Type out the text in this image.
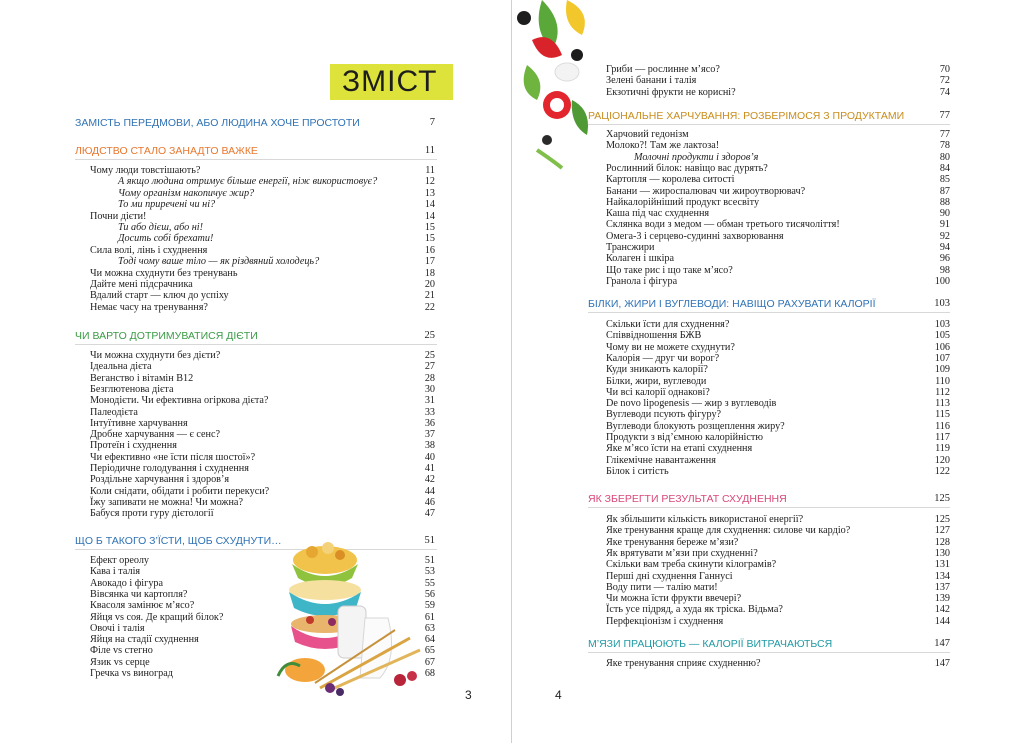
ЗМІСТ
ЗАМІСТЬ ПЕРЕДМОВИ, АБО ЛЮДИНА ХОЧЕ ПРОСТОТИ	7
ЛЮДСТВО СТАЛО ЗАНАДТО ВАЖКЕ	11
Чому люди товстішають?	11
А якщо людина отримує більше енергії, ніж використовує?	12
Чому організм накопичує жир?	13
То ми приречені чи ні?	14
Почни дієти!	14
Ти або дієш, або ні!	15
Досить собі брехати!	15
Сила волі, лінь і схуднення	16
Тоді чому ваше тіло — як різдвяний холодець?	17
Чи можна схуднути без тренувань	18
Дайте мені підсрачника	20
Вдалий старт — ключ до успіху	21
Немає часу на тренування?	22
ЧИ ВАРТО ДОТРИМУВАТИСЯ ДІЄТИ	25
Чи можна схуднути без дієти?	25
Ідеальна дієта	27
Веганство і вітамін B12	28
Безглютенова дієта	30
Монодієти. Чи ефективна огіркова дієта?	31
Палеодієта	33
Інтуїтивне харчування	36
Дробне харчування — є сенс?	37
Протеїн і схуднення	38
Чи ефективно «не їсти після шостої»?	40
Періодичне голодування і схуднення	41
Роздільне харчування і здоров’я	42
Коли снідати, обідати і робити перекуси?	44
Їжу запивати не можна! Чи можна?	46
Бабуся проти гуру дієтології	47
ЩО Б ТАКОГО З’ЇСТИ, ЩОБ СХУДНУТИ…	51
Ефект ореолу	51
Кава і талія	53
Авокадо і фігура	55
Вівсянка чи картопля?	56
Квасоля замінює м’ясо?	59
Яйця vs соя. Де кращий білок?	61
Овочі і талія	63
Яйця на стадії схуднення	64
Філе vs стегно	65
Язик vs серце	67
Гречка vs виноград	68
3
Гриби — рослинне м’ясо?	70
Зелені банани і талія	72
Екзотичні фрукти не корисні?	74
РАЦІОНАЛЬНЕ ХАРЧУВАННЯ: РОЗБЕРІМОСЯ З ПРОДУКТАМИ	77
Харчовий гедонізм	77
Молоко?! Там же лактоза!	78
Молочні продукти і здоров’я	80
Рослинний білок: навіщо вас дурять?	84
Картопля — королева ситості	85
Банани — жироспалювач чи жироутворювач?	87
Найкалорійніший продукт всесвіту	88
Каша під час схуднення	90
Склянка води з медом — обман третього тисячоліття!	91
Омега-3 і серцево-судинні захворювання	92
Трансжири	94
Колаген і шкіра	96
Що таке рис і що таке м’ясо?	98
Гранола і фігура	100
БІЛКИ, ЖИРИ І ВУГЛЕВОДИ: НАВІЩО РАХУВАТИ КАЛОРІЇ	103
Скільки їсти для схуднення?	103
Співвідношення БЖВ	105
Чому ви не можете схуднути?	106
Калорія — друг чи ворог?	107
Куди зникають калорії?	109
Білки, жири, вуглеводи	110
Чи всі калорії однакові?	112
De novo lipogenesis — жир з вуглеводів	113
Вуглеводи псують фігуру?	115
Вуглеводи блокують розщеплення жиру?	116
Продукти з від’ємною калорійністю	117
Яке м’ясо їсти на етапі схуднення	119
Глікемічне навантаження	120
Білок і ситість	122
ЯК ЗБЕРЕГТИ РЕЗУЛЬТАТ СХУДНЕННЯ	125
Як збільшити кількість використаної енергії?	125
Яке тренування краще для схуднення: силове чи кардіо?	127
Яке тренування береже м’язи?	128
Як врятувати м’язи при схудненні?	130
Скільки вам треба скинути кілограмів?	131
Перші дні схуднення Ганнусі	134
Воду пити — талію мати!	137
Чи можна їсти фрукти ввечері?	139
Їсть усе підряд, а худа як тріска. Відьма?	142
Перфекціонізм і схуднення	144
М’ЯЗИ ПРАЦЮЮТЬ — КАЛОРІЇ ВИТРАЧАЮТЬСЯ	147
Яке тренування сприяє схудненню?	147
4
